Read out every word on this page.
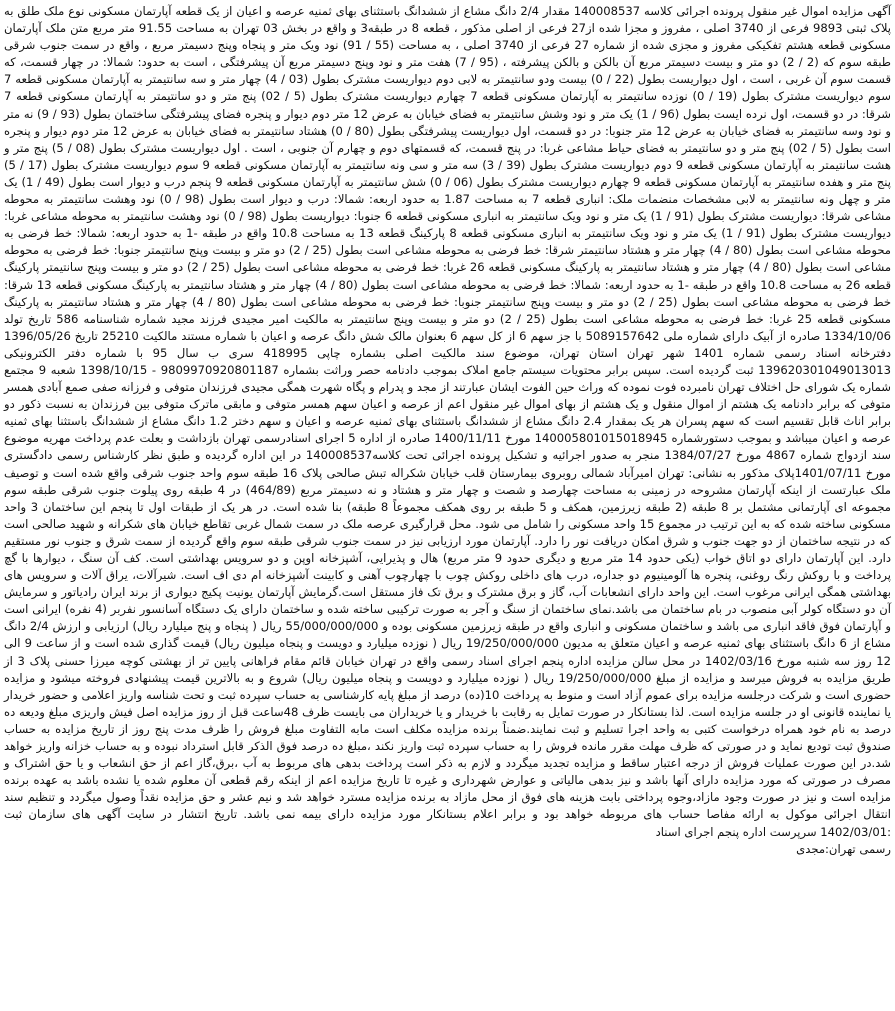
آگهی مزایده اموال غیر منقول پرونده اجرائی کلاسه 140008537 مقدار 2/4 دانگ مشاع از ششدانگ باستثنای بهای ثمنیه عرصه و اعیان از یک قطعه آپارتمان مسکونی نوع ملک طلق به پلاک ثبتی 9893 فرعی از 3740 اصلی ، مفروز و مجزا شده از27 فرعی از اصلی مذکور ، قطعه 8 در طبقه3 و واقع در بخش 03 تهران به مساحت 91.55 متر مربع متن ملک آپارتمان مسکونی قطعه هشتم تفکیکی مفروز و مجزی شده از شماره 27 فرعی از 3740 اصلی ، به مساحت (55 / 91) نود ویک متر و پنجاه وپنج دسیمتر مربع ، واقع در سمت جنوب شرقی طبقه سوم که (2 / 2) دو متر و بیست دسیمتر مربع آن بالکن و بالکن پیشرفته ، (95 / 7) هفت متر و نود وپنج دسیمتر مربع آن پیشرفتگی ، است به حدود: شمالا: در چهار قسمت، که قسمت سوم آن غربی ، است ، اول دیواریست بطول (22 / 0) بیست ودو سانتیمتر به لابی دوم دیواریست مشترک بطول (03 / 4) چهار متر و سه سانتیمتر به آپارتمان مسکونی قطعه 7 سوم دیواریست مشترک بطول (19 / 0) نوزده سانتیمتر به آپارتمان مسکونی قطعه 7 چهارم دیواریست مشترک بطول (5 / 02) پنج متر و دو سانتیمتر به آپارتمان مسکونی قطعه 7 شرقا: در دو قسمت، اول نرده ایست بطول (96 / 1) یک متر و نود وشش سانتیمتر به فضای خیابان به عرض 12 متر دوم دیوار و پنجره فضای پیشرفتگی ساختمان بطول (93 / 9) نه متر و نود وسه سانتیمتر به فضای خیابان به عرض 12 متر جنوبا: در دو قسمت، اول دیواریست پیشرفتگی بطول (80 / 0) هشتاد سانتیمتر به فضای خیابان به عرض 12 متر دوم دیوار و پنجره است بطول (5 / 02) پنج متر و دو سانتیمتر به فضای حیاط مشاعی غربا: در پنج قسمت، که قسمتهای دوم و چهارم آن جنوبی ، است . اول دیواریست مشترک بطول (08 / 5) پنج متر و هشت سانتیمتر به آپارتمان مسکونی قطعه 9 دوم دیواریست مشترک بطول (39 / 3) سه متر و سی ونه سانتیمتر به آپارتمان مسکونی قطعه 9 سوم دیواریست مشترک بطول (17 / 5) پنج متر و هفده سانتیمتر به آپارتمان مسکونی قطعه 9 چهارم دیواریست مشترک بطول (06 / 0) شش سانتیمتر به آپارتمان مسکونی قطعه 9 پنجم درب و دیوار است بطول (49 / 1) یک متر و چهل ونه سانتیمتر به لابی مشخصات منضمات ملک: انباری قطعه 7 به مساحت 1.87 به حدود اربعه: شمالا: درب و دیوار است بطول (98 / 0) نود وهشت سانتیمتر به محوطه مشاعی شرقا: دیواریست مشترک بطول (91 / 1) یک متر و نود ویک سانتیمتر به انباری مسکونی قطعه 6 جنوبا: دیواریست بطول (98 / 0) نود وهشت سانتیمتر به محوطه مشاعی غربا: دیواریست مشترک بطول (91 / 1) یک متر و نود ویک سانتیمتر به انباری مسکونی قطعه 8 پارکینگ قطعه 13 به مساحت 10.8 واقع در طبقه -1 به حدود اربعه: شمالا: خط فرضی به محوطه مشاعی است بطول (80 / 4) چهار متر و هشتاد سانتیمتر شرقا: خط فرضی به محوطه مشاعی است بطول (25 / 2) دو متر و بیست وپنج سانتیمتر جنوبا: خط فرضی به محوطه مشاعی است بطول (80 / 4) چهار متر و هشتاد سانتیمتر به پارکینگ مسکونی قطعه 26 غربا: خط فرضی به محوطه مشاعی است بطول (25 / 2) دو متر و بیست وپنج سانتیمتر پارکینگ قطعه 26 به مساحت 10.8 واقع در طبقه -1 به حدود اربعه: شمالا: خط فرضی به محوطه مشاعی است بطول (80 / 4) چهار متر و هشتاد سانتیمتر به پارکینگ مسکونی قطعه 13 شرقا: خط فرضی به محوطه مشاعی است بطول (25 / 2) دو متر و بیست وپنج سانتیمتر جنوبا: خط فرضی به محوطه مشاعی است بطول (80 / 4) چهار متر و هشتاد سانتیمتر به پارکینگ مسکونی قطعه 25 غربا: خط فرضی به محوطه مشاعی است بطول (25 / 2) دو متر و بیست وپنج سانتیمتر به مالکیت امیر مجیدی فرزند مجید شماره شناسنامه 586 تاریخ تولد 1334/10/06 صادره از آبیک دارای شماره ملی 5089157642 با جز سهم 6 از کل سهم 6 بعنوان مالک شش دانگ عرصه و اعیان با شماره مستند مالکیت 25210 تاریخ 1396/05/26 دفترخانه اسناد رسمی شماره 1401 شهر تهران استان تهران، موضوع سند مالکیت اصلی بشماره چاپی 418995 سری ب سال 95 با شماره دفتر الکترونیکی 139620301049013013 ثبت گردیده است. سپس برابر محتویات سیستم جامع املاک بموجب دادنامه حصر وراثت بشماره 9809970920801187 - 1398/10/15 شعبه 9 مجتمع شماره یک شورای حل اختلاف تهران نامبرده فوت نموده که وراث حین الفوت ایشان عبارتند از مجد و پدرام و پگاه شهرت همگی مجیدی فرزندان متوفی و فرزانه صفی صمع آبادی همسر متوفی که برابر دادنامه یک هشتم از اموال منقول و یک هشتم از بهای اموال غیر منقول اعم از عرصه و اعیان سهم همسر متوفی و مابقی ماترک متوفی بین فرزندان به نسبت ذکور دو برابر اناث قابل تقسیم است که سهم پسران هر یک بمقدار 2.4 دانگ مشاع از ششدانگ باستثنای بهای ثمنیه عرصه و اعیان و سهم دختر 1.2 دانگ مشاع از ششدانگ باستثنا بهای ثمنیه عرصه و اعیان میباشد و بموجب دستورشماره 140005801015018945 مورخ 1400/11/11 صادره از اداره 5 اجرای اسنادرسمی تهران بازداشت و بعلت عدم پرداخت مهریه موضوع سند ازدواج شماره 4867 مورخ 1384/07/27 منجر به صدور اجرائیه و تشکیل پرونده اجرائی تحت کلاسه140008537 در این اداره گردیده و طبق نظر کارشناس رسمی دادگستری مورخ 1401/07/11پلاک مذکور به نشانی: تهران امیرآباد شمالی روبروی بیمارستان قلب خیابان شکراله تبش صالحی پلاک 16 طبقه سوم واحد جنوب شرقی واقع شده است و توصیف ملک عبارتست از اینکه آپارتمان مشروحه در زمینی به مساحت چهارصد و شصت و چهار متر و هشتاد و نه دسیمتر مربع (464/89) در 4 طبقه روی پیلوت جنوب شرقی طبقه سوم مجموعه ای آپارتمانی مشتمل بر 8 طبقه (2 طبقه زیرزمین، همکف و 5 طبقه بر روی همکف مجموعاً 8 طبقه) بنا شده است. در هر یک از طبقات اول تا پنجم این ساختمان 3 واحد مسکونی ساخته شده که به این ترتیب در مجموع 15 واحد مسکونی را شامل می شود. محل قرارگیری عرصه ملک در سمت شمال غربی تقاطع خیابان های شکرانه و شهید صالحی است که در نتیجه ساختمان از دو جهت جنوب و شرق امکان دریافت نور را دارد. آپارتمان مورد ارزیابی نیز در سمت جنوب شرقی طبقه سوم واقع گردیده از سمت شرق و جنوب نور مستقیم دارد. این آپارتمان دارای دو اتاق خواب (یکی حدود 14 متر مربع و دیگری حدود 9 متر مربع) هال و پذیرایی، آشپزخانه اوپن و دو سرویس بهداشتی است. کف آن سنگ ، دیوارها با گچ پرداخت و با روکش رنگ روغنی، پنجره ها آلومینیوم دو جداره، درب های داخلی روکش چوب با چهارچوب آهنی و کابینت آشپزخانه ام دی اف است. شیرآلات، یراق آلات و سرویس های بهداشتی همگی ایرانی مرغوب است. این واحد دارای انشعابات آب، گاز و برق مشترک و برق تک فاز مستقل است.گرمایش آپارتمان یونیت پکیج دیواری از برند ایران رادیاتور و سرمایش آن دو دستگاه کولر آبی منصوب در بام ساختمان می باشد.نمای ساختمان از سنگ و آجر به صورت ترکیبی ساخته شده و ساختمان دارای یک دستگاه آسانسور نفربر (4 نفره) ایرانی است و آپارتمان فوق فاقد انباری می باشد و ساختمان مسکونی و انباری واقع در طبقه زیرزمین مسکونی بوده و 55/000/000/000 ریال ( پنجاه و پنج میلیارد ریال) ارزیابی و ارزش 2/4 دانگ مشاع از 6 دانگ باستثنای بهای ثمنیه عرصه و اعیان متعلق به مدیون 19/250/000/000 ریال ( نوزده میلیارد و دویست و پنجاه میلیون ریال) قیمت گذاری شده است و از ساعت 9 الی 12 روز سه شنبه مورخ 1402/03/16 در محل سالن مزایده اداره پنجم اجرای اسناد رسمی واقع در تهران خیابان قائم مقام فراهانی پایین تر از بهشتی کوچه میرزا حسنی پلاک 3 از طریق مزایده به فروش میرسد و مزایده از مبلغ 19/250/000/000 ریال ( نوزده میلیارد و دویست و پنجاه میلیون ریال) شروع و به بالاترین قیمت پیشنهادی فروخته میشود و مزایده حضوری است و شرکت درجلسه مزایده برای عموم آزاد است و منوط به پرداخت 10(ده) درصد از مبلغ پایه کارشناسی به حساب سپرده ثبت و تحت شناسه واریز اعلامی و حضور خریدار یا نماینده قانونی او در جلسه مزایده است. لذا بستانکار در صورت تمایل به رقابت با خریدار و یا خریداران می بایست ظرف 48ساعت قبل از روز مزایده اصل فیش واریزی مبلغ ودیعه ده درصد به نام خود همراه درخواست کتبی به واحد اجرا تسلیم و ثبت نمایند.ضمناً برنده مزایده مکلف است مابه التفاوت مبلغ فروش را ظرف مدت پنج روز از تاریخ مزایده به حساب صندوق ثبت تودیع نماید و در صورتی که ظرف مهلت مقرر مانده فروش را به حساب سپرده ثبت واریز نکند ،مبلغ ده درصد فوق الذکر قابل استرداد نبوده و به حساب خزانه واریز خواهد شد.در این صورت عملیات فروش از درجه اعتبار ساقط و مزایده تجدید میگردد و لازم به ذکر است پرداخت بدهی های مربوط به آب ،برق،گاز اعم از حق انشعاب و یا حق اشتراک و مصرف در صورتی که مورد مزایده دارای آنها باشد و نیز بدهی مالیاتی و عوارض شهرداری و غیره تا تاریخ مزایده اعم از اینکه رقم قطعی آن معلوم شده یا نشده باشد به عهده برنده مزایده است و نیز در صورت وجود مازاد،وجوه پرداختی بابت هزینه های فوق از محل مازاد به برنده مزایده مسترد خواهد شد و نیم عشر و حق مزایده نقداً وصول میگردد و تنظیم سند انتقال اجرائی موکول به ارائه مفاصا حساب های مربوطه خواهد بود و برابر اعلام بستانکار مورد مزایده دارای بیمه نمی باشد. تاریخ انتشار در سایت آگهی های سازمان ثبت :1402/03/01 سرپرست اداره پنجم اجرای اسناد

رسمی تهران:مجدی
